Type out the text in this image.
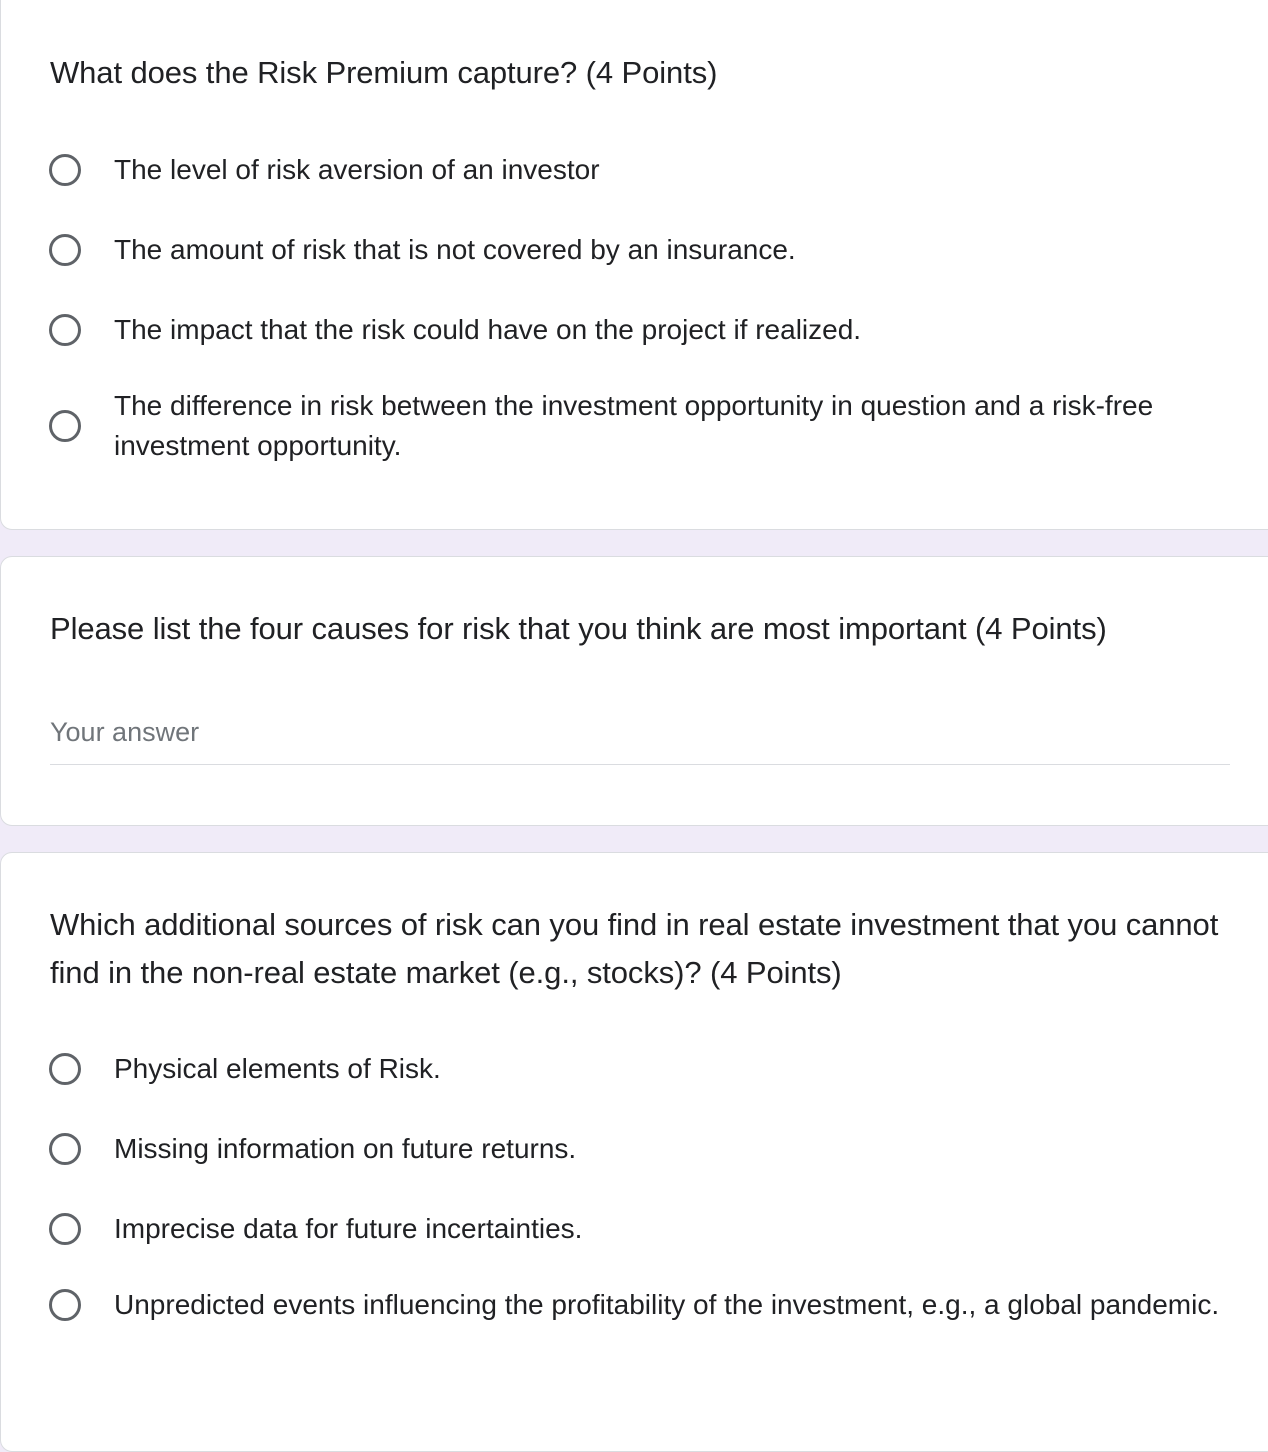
What does the Risk Premium capture? (4 Points)
The level of risk aversion of an investor
The amount of risk that is not covered by an insurance.
The impact that the risk could have on the project if realized.
The difference in risk between the investment opportunity in question and a risk-free investment opportunity.
Please list the four causes for risk that you think are most important (4 Points)
Your answer
Which additional sources of risk can you find in real estate investment that you cannot find in the non-real estate market (e.g., stocks)? (4 Points)
Physical elements of Risk.
Missing information on future returns.
Imprecise data for future incertainties.
Unpredicted events influencing the profitability of the investment, e.g., a global pandemic.
